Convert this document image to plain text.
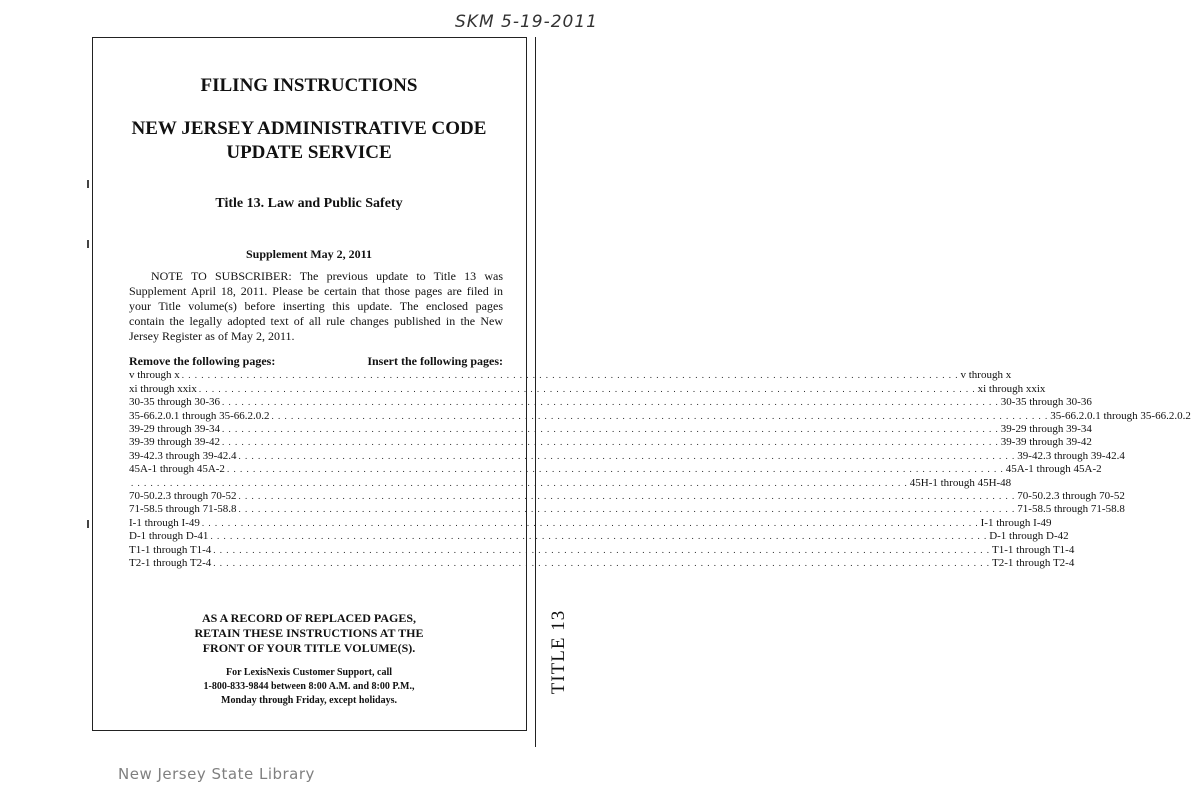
SKM 5-19-2011
TITLE 13
FILING INSTRUCTIONS
NEW JERSEY ADMINISTRATIVE CODE
UPDATE SERVICE
Title 13. Law and Public Safety
Supplement May 2, 2011
NOTE TO SUBSCRIBER: The previous update to Title 13 was
Supplement April 18, 2011. Please be certain that those pages are filed in
your Title volume(s) before inserting this update. The enclosed pages
contain the legally adopted text of all rule changes published in the New
Jersey Register as of May 2, 2011.
Remove the following pages:	Insert the following pages:
v through x . . . . . . . . . . . . . . . . . . . . . . . . . . . . . . . . . . . . . . . . . . . . . . . . . . . . . . . . . . . . . . . . . . . . . . . . . . . . . . . . . . . . . . . . . . . . . . . . . . . . . . . . . . . . . . . . . . . . . . . . v through x
xi through xxix . . . . . . . . . . . . . . . . . . . . . . . . . . . . . . . . . . . . . . . . . . . . . . . . . . . . . . . . . . . . . . . . . . . . . . . . . . . . . . . . . . . . . . . . . . . . . . . . . . . . . . . . . . . . . . . . . . . . . . . . xi through xxix
30-35 through 30-36 . . . . . . . . . . . . . . . . . . . . . . . . . . . . . . . . . . . . . . . . . . . . . . . . . . . . . . . . . . . . . . . . . . . . . . . . . . . . . . . . . . . . . . . . . . . . . . . . . . . . . . . . . . . . . . . . . . . . . . . . 30-35 through 30-36
35-66.2.0.1 through 35-66.2.0.2 . . . . . . . . . . . . . . . . . . . . . . . . . . . . . . . . . . . . . . . . . . . . . . . . . . . . . . . . . . . . . . . . . . . . . . . . . . . . . . . . . . . . . . . . . . . . . . . . . . . . . . . . . . . . . . . . . . . . . . . . 35-66.2.0.1 through 35-66.2.0.2
39-29 through 39-34 . . . . . . . . . . . . . . . . . . . . . . . . . . . . . . . . . . . . . . . . . . . . . . . . . . . . . . . . . . . . . . . . . . . . . . . . . . . . . . . . . . . . . . . . . . . . . . . . . . . . . . . . . . . . . . . . . . . . . . . . 39-29 through 39-34
39-39 through 39-42 . . . . . . . . . . . . . . . . . . . . . . . . . . . . . . . . . . . . . . . . . . . . . . . . . . . . . . . . . . . . . . . . . . . . . . . . . . . . . . . . . . . . . . . . . . . . . . . . . . . . . . . . . . . . . . . . . . . . . . . . 39-39 through 39-42
39-42.3 through 39-42.4 . . . . . . . . . . . . . . . . . . . . . . . . . . . . . . . . . . . . . . . . . . . . . . . . . . . . . . . . . . . . . . . . . . . . . . . . . . . . . . . . . . . . . . . . . . . . . . . . . . . . . . . . . . . . . . . . . . . . . . . . 39-42.3 through 39-42.4
45A-1 through 45A-2 . . . . . . . . . . . . . . . . . . . . . . . . . . . . . . . . . . . . . . . . . . . . . . . . . . . . . . . . . . . . . . . . . . . . . . . . . . . . . . . . . . . . . . . . . . . . . . . . . . . . . . . . . . . . . . . . . . . . . . . . 45A-1 through 45A-2
. . . . . . . . . . . . . . . . . . . . . . . . . . . . . . . . . . . . . . . . . . . . . . . . . . . . . . . . . . . . . . . . . . . . . . . . . . . . . . . . . . . . . . . . . . . . . . . . . . . . . . . . . . . . . . . . . . . . . . . . 45H-1 through 45H-48
70-50.2.3 through 70-52 . . . . . . . . . . . . . . . . . . . . . . . . . . . . . . . . . . . . . . . . . . . . . . . . . . . . . . . . . . . . . . . . . . . . . . . . . . . . . . . . . . . . . . . . . . . . . . . . . . . . . . . . . . . . . . . . . . . . . . . . 70-50.2.3 through 70-52
71-58.5 through 71-58.8 . . . . . . . . . . . . . . . . . . . . . . . . . . . . . . . . . . . . . . . . . . . . . . . . . . . . . . . . . . . . . . . . . . . . . . . . . . . . . . . . . . . . . . . . . . . . . . . . . . . . . . . . . . . . . . . . . . . . . . . . 71-58.5 through 71-58.8
I-1 through I-49 . . . . . . . . . . . . . . . . . . . . . . . . . . . . . . . . . . . . . . . . . . . . . . . . . . . . . . . . . . . . . . . . . . . . . . . . . . . . . . . . . . . . . . . . . . . . . . . . . . . . . . . . . . . . . . . . . . . . . . . . I-1 through I-49
D-1 through D-41 . . . . . . . . . . . . . . . . . . . . . . . . . . . . . . . . . . . . . . . . . . . . . . . . . . . . . . . . . . . . . . . . . . . . . . . . . . . . . . . . . . . . . . . . . . . . . . . . . . . . . . . . . . . . . . . . . . . . . . . . D-1 through D-42
T1-1 through T1-4 . . . . . . . . . . . . . . . . . . . . . . . . . . . . . . . . . . . . . . . . . . . . . . . . . . . . . . . . . . . . . . . . . . . . . . . . . . . . . . . . . . . . . . . . . . . . . . . . . . . . . . . . . . . . . . . . . . . . . . . . T1-1 through T1-4
T2-1 through T2-4 . . . . . . . . . . . . . . . . . . . . . . . . . . . . . . . . . . . . . . . . . . . . . . . . . . . . . . . . . . . . . . . . . . . . . . . . . . . . . . . . . . . . . . . . . . . . . . . . . . . . . . . . . . . . . . . . . . . . . . . . T2-1 through T2-4
AS A RECORD OF REPLACED PAGES,
RETAIN THESE INSTRUCTIONS AT THE
FRONT OF YOUR TITLE VOLUME(S).
For LexisNexis Customer Support, call
1-800-833-9844 between 8:00 A.M. and 8:00 P.M.,
Monday through Friday, except holidays.
New Jersey State Library
